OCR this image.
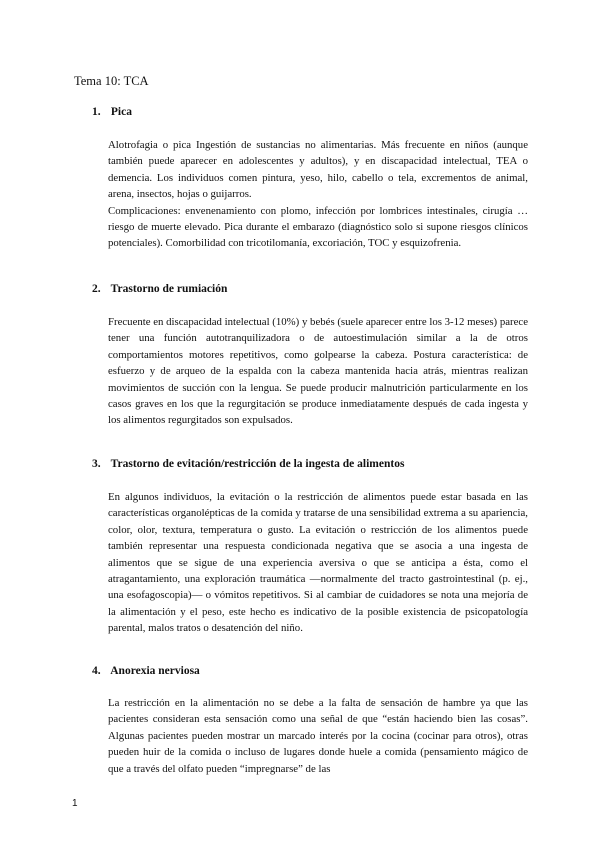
Tema 10: TCA
1. Pica

Alotrofagia o pica Ingestión de sustancias no alimentarias. Más frecuente en niños (aunque también puede aparecer en adolescentes y adultos), y en discapacidad intelectual, TEA o demencia. Los individuos comen pintura, yeso, hilo, cabello o tela, excrementos de animal, arena, insectos, hojas o guijarros.

Complicaciones: envenenamiento con plomo, infección por lombrices intestinales, cirugía … riesgo de muerte elevado. Pica durante el embarazo (diagnóstico solo si supone riesgos clínicos potenciales). Comorbilidad con tricotilomanía, excoriación, TOC y esquizofrenia.

2. Trastorno de rumiación

Frecuente en discapacidad intelectual (10%) y bebés (suele aparecer entre los 3-12 meses) parece tener una función autotranquilizadora o de autoestimulación similar a la de otros comportamientos motores repetitivos, como golpearse la cabeza. Postura característica: de esfuerzo y de arqueo de la espalda con la cabeza mantenida hacia atrás, mientras realizan movimientos de succión con la lengua. Se puede producir malnutrición particularmente en los casos graves en los que la regurgitación se produce inmediatamente después de cada ingesta y los alimentos regurgitados son expulsados.

3. Trastorno de evitación/restricción de la ingesta de alimentos

En algunos individuos, la evitación o la restricción de alimentos puede estar basada en las características organolépticas de la comida y tratarse de una sensibilidad extrema a su apariencia, color, olor, textura, temperatura o gusto. La evitación o restricción de los alimentos puede también representar una respuesta condicionada negativa que se asocia a una ingesta de alimentos que se sigue de una experiencia aversiva o que se anticipa a ésta, como el atragantamiento, una exploración traumática —normalmente del tracto gastrointestinal (p. ej., una esofagoscopia)— o vómitos repetitivos. Si al cambiar de cuidadores se nota una mejoría de la alimentación y el peso, este hecho es indicativo de la posible existencia de psicopatología parental, malos tratos o desatención del niño.

4. Anorexia nerviosa

La restricción en la alimentación no se debe a la falta de sensación de hambre ya que las pacientes consideran esta sensación como una señal de que “están haciendo bien las cosas”. Algunas pacientes pueden mostrar un marcado interés por la cocina (cocinar para otros), otras pueden huir de la comida o incluso de lugares donde huele a comida (pensamiento mágico de que a través del olfato pueden “impregnarse” de las

1
